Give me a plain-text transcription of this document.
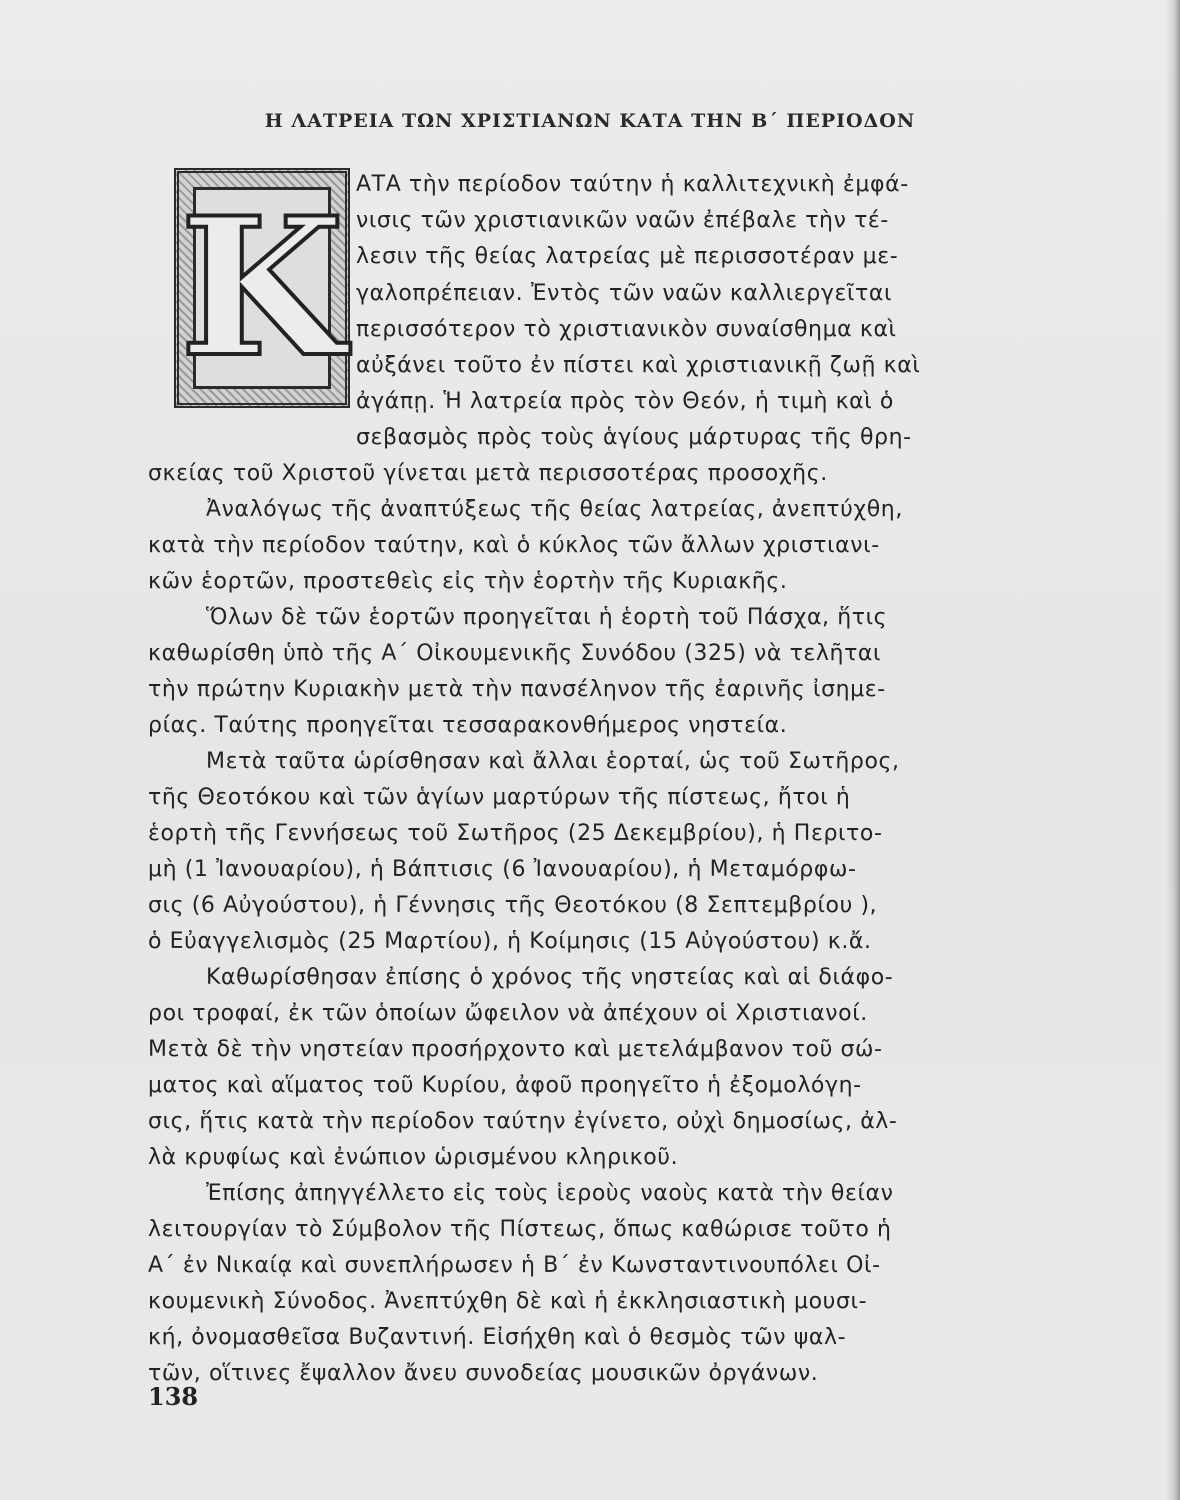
Η ΛΑΤΡΕΙΑ ΤΩΝ ΧΡΙΣΤΙΑΝΩΝ ΚΑΤΑ ΤΗΝ Β΄ ΠΕΡΙΟΔΟΝ
Κ ΑΤΑ τὴν περίοδον ταύτην ἡ καλλιτεχνικὴ ἐμφά-
νισις τῶν χριστιανικῶν ναῶν ἐπέβαλε τὴν τέ-
λεσιν τῆς θείας λατρείας μὲ περισσοτέραν με-
γαλοπρέπειαν. Ἐντὸς τῶν ναῶν καλλιεργεῖται
περισσότερον τὸ χριστιανικὸν συναίσθημα καὶ
αὐξάνει τοῦτο ἐν πίστει καὶ χριστιανικῇ ζωῇ καὶ
ἀγάπῃ. Ἡ λατρεία πρὸς τὸν Θεόν, ἡ τιμὴ καὶ ὁ
σεβασμὸς πρὸς τοὺς ἁγίους μάρτυρας τῆς θρη-
σκείας τοῦ Χριστοῦ γίνεται μετὰ περισσοτέρας προσοχῆς.
Ἀναλόγως τῆς ἀναπτύξεως τῆς θείας λατρείας, ἀνεπτύχθη,
κατὰ τὴν περίοδον ταύτην, καὶ ὁ κύκλος τῶν ἄλλων χριστιανι-
κῶν ἑορτῶν, προστεθεὶς εἰς τὴν ἑορτὴν τῆς Κυριακῆς.
Ὅλων δὲ τῶν ἑορτῶν προηγεῖται ἡ ἑορτὴ τοῦ Πάσχα, ἥτις
καθωρίσθη ὑπὸ τῆς Α΄ Οἰκουμενικῆς Συνόδου (325) νὰ τελῆται
τὴν πρώτην Κυριακὴν μετὰ τὴν πανσέληνον τῆς ἐαρινῆς ἰσημε-
ρίας. Ταύτης προηγεῖται τεσσαρακονθήμερος νηστεία.
Μετὰ ταῦτα ὡρίσθησαν καὶ ἄλλαι ἑορταί, ὡς τοῦ Σωτῆρος,
τῆς Θεοτόκου καὶ τῶν ἁγίων μαρτύρων τῆς πίστεως, ἤτοι ἡ
ἑορτὴ τῆς Γεννήσεως τοῦ Σωτῆρος (25 Δεκεμβρίου), ἡ Περιτο-
μὴ (1 Ἰανουαρίου), ἡ Βάπτισις (6 Ἰανουαρίου), ἡ Μεταμόρφω-
σις (6 Αὐγούστου), ἡ Γέννησις τῆς Θεοτόκου (8 Σεπτεμβρίου ),
ὁ Εὐαγγελισμὸς (25 Μαρτίου), ἡ Κοίμησις (15 Αὐγούστου) κ.ἄ.
Καθωρίσθησαν ἐπίσης ὁ χρόνος τῆς νηστείας καὶ αἱ διάφο-
ροι τροφαί, ἐκ τῶν ὁποίων ὤφειλον νὰ ἀπέχουν οἱ Χριστιανοί.
Μετὰ δὲ τὴν νηστείαν προσήρχοντο καὶ μετελάμβανον τοῦ σώ-
ματος καὶ αἵματος τοῦ Κυρίου, ἀφοῦ προηγεῖτο ἡ ἐξομολόγη-
σις, ἥτις κατὰ τὴν περίοδον ταύτην ἐγίνετο, οὐχὶ δημοσίως, ἀλ-
λὰ κρυφίως καὶ ἐνώπιον ὡρισμένου κληρικοῦ.
Ἐπίσης ἀπηγγέλλετο εἰς τοὺς ἱεροὺς ναοὺς κατὰ τὴν θείαν
λειτουργίαν τὸ Σύμβολον τῆς Πίστεως, ὅπως καθώρισε τοῦτο ἡ
Α΄ ἐν Νικαίᾳ καὶ συνεπλήρωσεν ἡ Β΄ ἐν Κωνσταντινουπόλει Οἰ-
κουμενικὴ Σύνοδος. Ἀνεπτύχθη δὲ καὶ ἡ ἐκκλησιαστικὴ μουσι-
κή, ὀνομασθεῖσα Βυζαντινή. Εἰσήχθη καὶ ὁ θεσμὸς τῶν ψαλ-
τῶν, οἵτινες ἔψαλλον ἄνευ συνοδείας μουσικῶν ὀργάνων.
138
